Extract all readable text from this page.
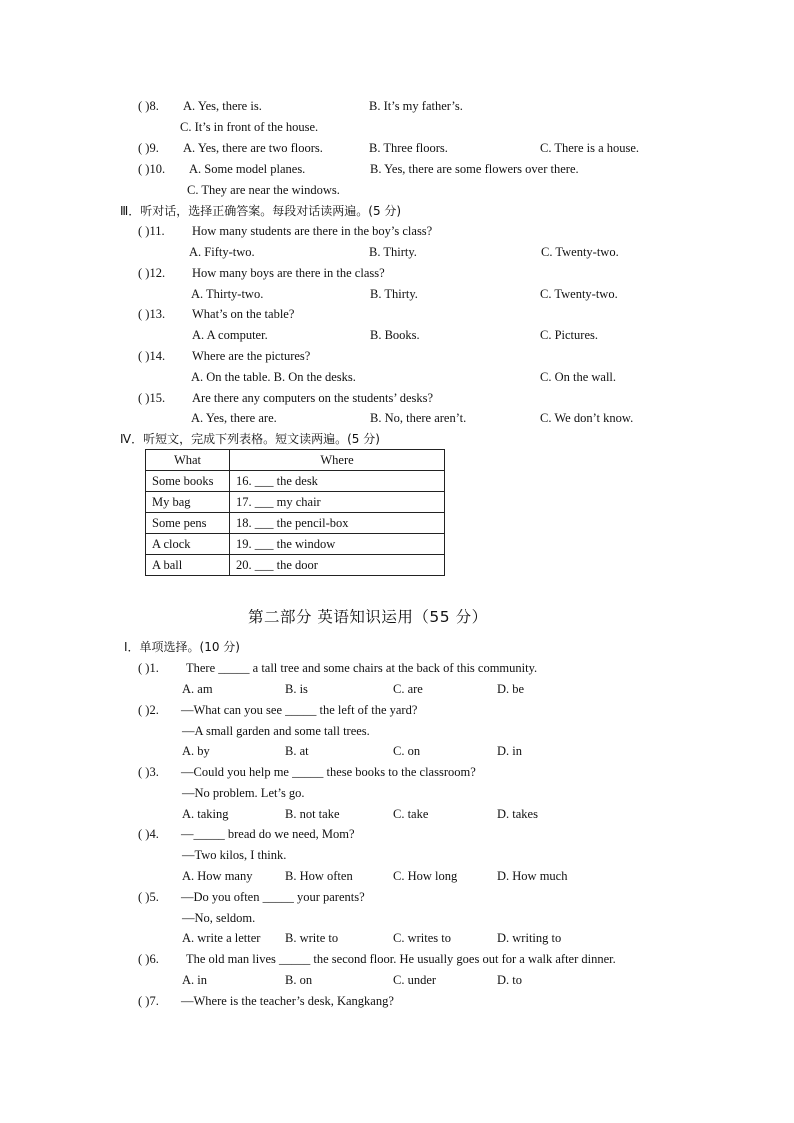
( )8. A. Yes, there is.	B. It’s my father’s.
C. It’s in front of the house.
( )9. A. Yes, there are two floors.	B. Three floors.	C. There is a house.
( )10. A. Some model planes.	B. Yes, there are some flowers over there.
C. They are near the windows.
Ⅲ．听对话，选择正确答案。每段对话读两遍。(5 分)
( )11. How many students are there in the boy’s class?
A. Fifty-two.	B. Thirty.	C. Twenty-two.
( )12. How many boys are there in the class?
A. Thirty-two.	B. Thirty.	C. Twenty-two.
( )13. What’s on the table?
A. A computer.	B. Books.	C. Pictures.
( )14. Where are the pictures?
A. On the table. B. On the desks.	C. On the wall.
( )15. Are there any computers on the students’ desks?
A. Yes, there are.	B. No, there aren’t.	C. We don’t know.
Ⅳ．听短文，完成下列表格。短文读两遍。(5 分)
What	Where
Some books	16. ___ the desk
My bag	17. ___ my chair
Some pens	18. ___ the pencil-box
A clock	19. ___ the window
A ball	20. ___ the door
第二部分 英语知识运用（55 分）
Ⅰ．单项选择。(10 分)
( )1. There _____ a tall tree and some chairs at the back of this community.
A. am	B. is	C. are	D. be
( )2. —What can you see _____ the left of the yard?
—A small garden and some tall trees.
A. by	B. at	C. on	D. in
( )3. —Could you help me _____ these books to the classroom?
—No problem. Let’s go.
A. taking	B. not take	C. take	D. takes
( )4. —_____ bread do we need, Mom?
—Two kilos, I think.
A. How many	B. How often	C. How long	D. How much
( )5. —Do you often _____ your parents?
—No, seldom.
A. write a letter B. write to	C. writes to	D. writing to
( )6. The old man lives _____ the second floor. He usually goes out for a walk after dinner.
A. in	B. on	C. under	D. to
( )7. —Where is the teacher’s desk, Kangkang?
